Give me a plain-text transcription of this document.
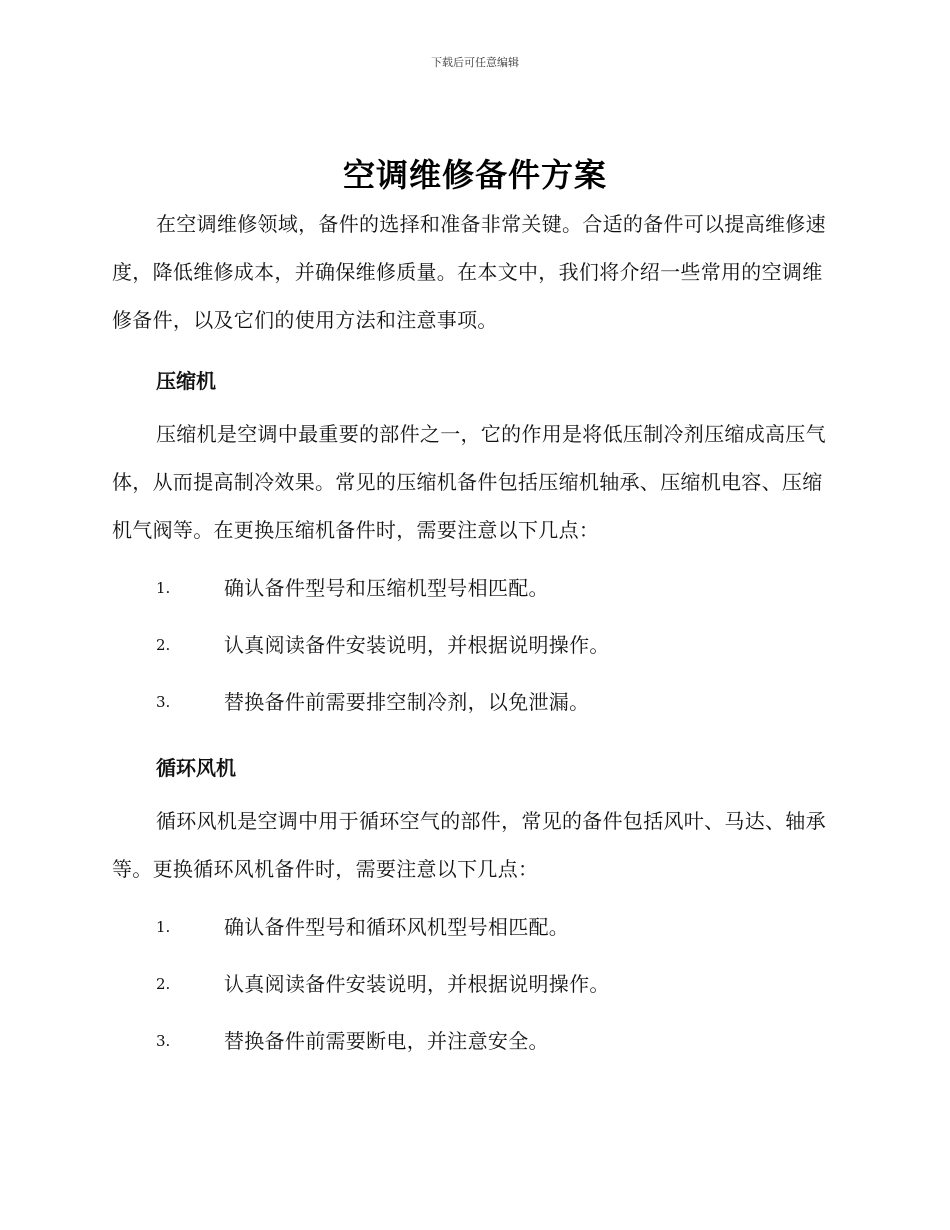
下载后可任意编辑
空调维修备件方案

在空调维修领域，备件的选择和准备非常关键。合适的备件可以提高维修速度，降低维修成本，并确保维修质量。在本文中，我们将介绍一些常用的空调维修备件，以及它们的使用方法和注意事项。

压缩机

压缩机是空调中最重要的部件之一，它的作用是将低压制冷剂压缩成高压气体，从而提高制冷效果。常见的压缩机备件包括压缩机轴承、压缩机电容、压缩机气阀等。在更换压缩机备件时，需要注意以下几点：

1.	确认备件型号和压缩机型号相匹配。
2.	认真阅读备件安装说明，并根据说明操作。
3.	替换备件前需要排空制冷剂，以免泄漏。
循环风机

循环风机是空调中用于循环空气的部件，常见的备件包括风叶、马达、轴承等。更换循环风机备件时，需要注意以下几点：

1.	确认备件型号和循环风机型号相匹配。
2.	认真阅读备件安装说明，并根据说明操作。
3.	替换备件前需要断电，并注意安全。
